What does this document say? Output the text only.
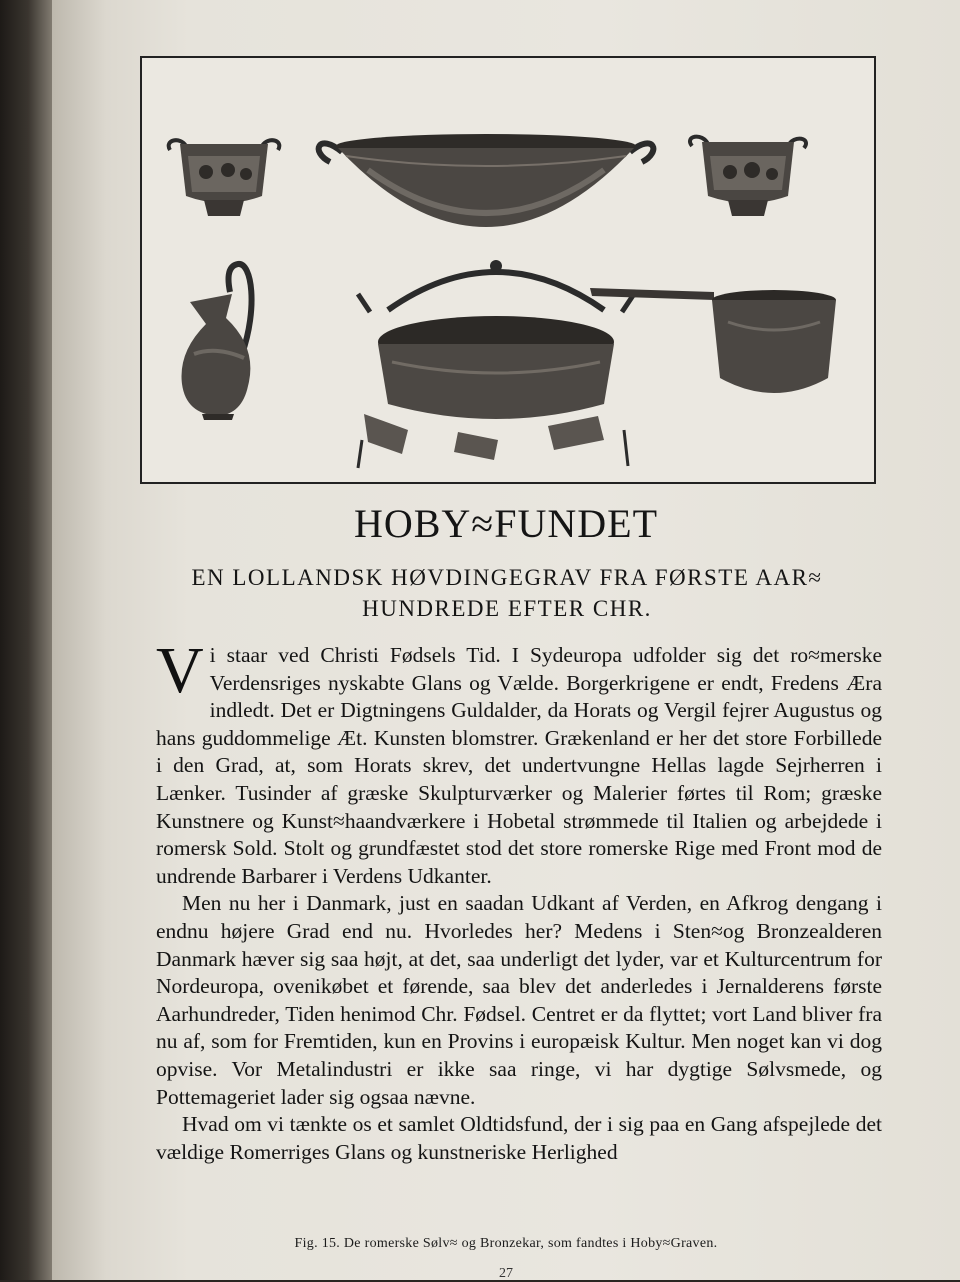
HOBY≈FUNDET
EN LOLLANDSK HØVDINGEGRAV FRA FØRSTE AAR≈
HUNDREDE EFTER CHR.

V i staar ved Christi Fødsels Tid. I Sydeuropa udfolder sig det ro≈merske Verdensriges nyskabte Glans og Vælde. Borgerkrigene er endt, Fredens Æra indledt. Det er Digtningens Guldalder, da Horats og Vergil fejrer Augustus og hans guddommelige Æt. Kunsten blomstrer. Grækenland er her det store Forbillede i den Grad, at, som Horats skrev, det undertvungne Hellas lagde Sejrherren i Lænker. Tusinder af græske Skulpturværker og Malerier førtes til Rom; græske Kunstnere og Kunst≈haandværkere i Hobetal strømmede til Italien og arbejdede i romersk Sold. Stolt og grundfæstet stod det store romerske Rige med Front mod de undrende Barbarer i Verdens Udkanter.

Men nu her i Danmark, just en saadan Udkant af Verden, en Afkrog dengang i endnu højere Grad end nu. Hvorledes her? Medens i Sten≈og Bronzealderen Danmark hæver sig saa højt, at det, saa underligt det lyder, var et Kulturcentrum for Nordeuropa, ovenikøbet et førende, saa blev det anderledes i Jernalderens første Aarhundreder, Tiden henimod Chr. Fødsel. Centret er da flyttet; vort Land bliver fra nu af, som for Fremtiden, kun en Provins i europæisk Kultur. Men noget kan vi dog opvise. Vor Metalindustri er ikke saa ringe, vi har dygtige Sølvsmede, og Pottemageriet lader sig ogsaa nævne.

Hvad om vi tænkte os et samlet Oldtidsfund, der i sig paa en Gang afspejlede det vældige Romerriges Glans og kunstneriske Herlighed

Fig. 15. De romerske Sølv≈ og Bronzekar, som fandtes i Hoby≈Graven.
27
